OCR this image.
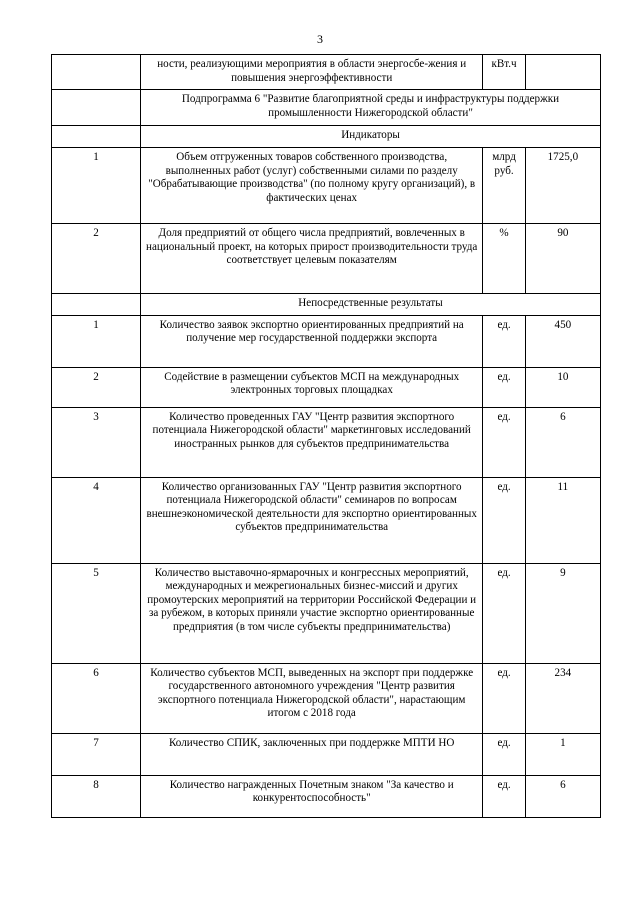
3
	ности, реализующими мероприятия в области энергосбе-жения и повышения энергоэффективности	кВт.ч	
	Подпрограмма 6 "Развитие благоприятной среды и инфраструктуры поддержки промышленности Нижегородской области"		
	Индикаторы		
1	Объем отгруженных товаров собственного производства, выполненных работ (услуг) собственными силами по разделу "Обрабатывающие производства" (по полному кругу организаций), в фактических ценах	млрд руб.	1725,0
2	Доля предприятий от общего числа предприятий, вовлеченных в национальный проект, на которых прирост производительности труда соответствует целевым показателям	%	90
	Непосредственные результаты		
1	Количество заявок экспортно ориентированных предприятий на получение мер государственной поддержки экспорта	ед.	450
2	Содействие в размещении субъектов МСП на международных электронных торговых площадках	ед.	10
3	Количество проведенных ГАУ "Центр развития экспортного потенциала Нижегородской области" маркетинговых исследований иностранных рынков для субъектов предпринимательства	ед.	6
4	Количество организованных ГАУ "Центр развития экспортного потенциала Нижегородской области" семинаров по вопросам внешнеэкономической деятельности для экспортно ориентированных субъектов предпринимательства	ед.	11
5	Количество выставочно-ярмарочных и конгрессных мероприятий, международных и межрегиональных бизнес-миссий и других промоутерских мероприятий на территории Российской Федерации и за рубежом, в которых приняли участие экспортно ориентированные предприятия (в том числе субъекты предпринимательства)	ед.	9
6	Количество субъектов МСП, выведенных на экспорт при поддержке государственного автономного учреждения "Центр развития экспортного потенциала Нижегородской области", нарастающим итогом с 2018 года	ед.	234
7	Количество СПИК, заключенных при поддержке МПТИ НО	ед.	1
8	Количество награжденных Почетным знаком "За качество и конкурентоспособность"	ед.	6
